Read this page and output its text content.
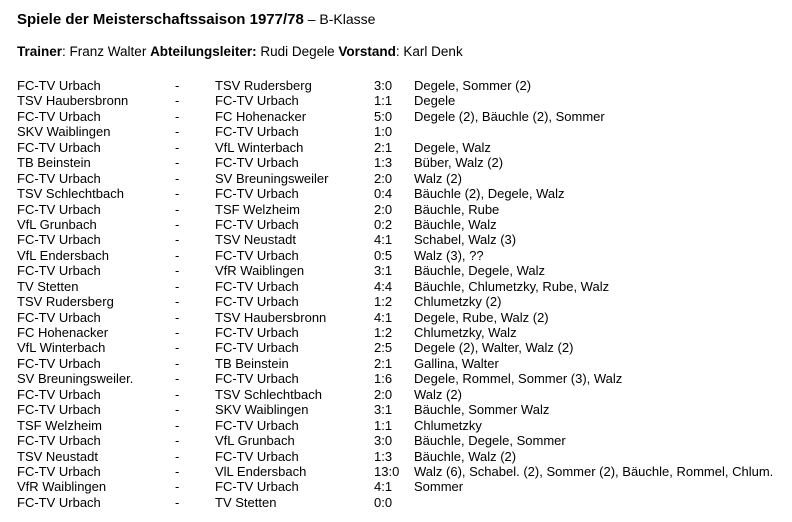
Spiele der Meisterschaftssaison 1977/78 – B-Klasse
Trainer: Franz Walter Abteilungsleiter: Rudi Degele Vorstand: Karl Denk
FC-TV Urbach	-	TSV Rudersberg	3:0 Degele, Sommer (2)
TSV Haubersbronn	-	FC-TV Urbach	1:1 Degele
FC-TV Urbach	-	FC Hohenacker	5:0 Degele (2), Bäuchle (2), Sommer
SKV Waiblingen	-	FC-TV Urbach	1:0
FC-TV Urbach	-	VfL Winterbach	2:1 Degele, Walz
TB Beinstein	-	FC-TV Urbach	1:3 Büber, Walz (2)
FC-TV Urbach	-	SV Breuningsweiler	2:0 Walz (2)
TSV Schlechtbach	-	FC-TV Urbach	0:4 Bäuchle (2), Degele, Walz
FC-TV Urbach	-	TSF Welzheim	2:0 Bäuchle, Rube
VfL Grunbach	-	FC-TV Urbach	0:2 Bäuchle, Walz
FC-TV Urbach	-	TSV Neustadt	4:1 Schabel, Walz (3)
VfL Endersbach	-	FC-TV Urbach	0:5 Walz (3), ??
FC-TV Urbach	-	VfR Waiblingen	3:1 Bäuchle, Degele, Walz
TV Stetten	-	FC-TV Urbach	4:4 Bäuchle, Chlumetzky, Rube, Walz
TSV Rudersberg	-	FC-TV Urbach	1:2 Chlumetzky (2)
FC-TV Urbach	-	TSV Haubersbronn	4:1 Degele, Rube, Walz (2)
FC Hohenacker	-	FC-TV Urbach	1:2 Chlumetzky, Walz
VfL Winterbach	-	FC-TV Urbach	2:5 Degele (2), Walter, Walz (2)
FC-TV Urbach	-	TB Beinstein	2:1 Gallina, Walter
SV Breuningsweiler.	-	FC-TV Urbach	1:6 Degele, Rommel, Sommer (3), Walz
FC-TV Urbach	-	TSV Schlechtbach	2:0 Walz (2)
FC-TV Urbach	-	SKV Waiblingen	3:1 Bäuchle, Sommer Walz
TSF Welzheim	-	FC-TV Urbach	1:1 Chlumetzky
FC-TV Urbach	-	VfL Grunbach	3:0 Bäuchle, Degele, Sommer
TSV Neustadt	-	FC-TV Urbach	1:3 Bäuchle, Walz (2)
FC-TV Urbach	-	VlL Endersbach	13:0 Walz (6), Schabel. (2), Sommer (2), Bäuchle, Rommel, Chlum.
VfR Waiblingen	-	FC-TV Urbach	4:1 Sommer
FC-TV Urbach	-	TV Stetten	0:0
